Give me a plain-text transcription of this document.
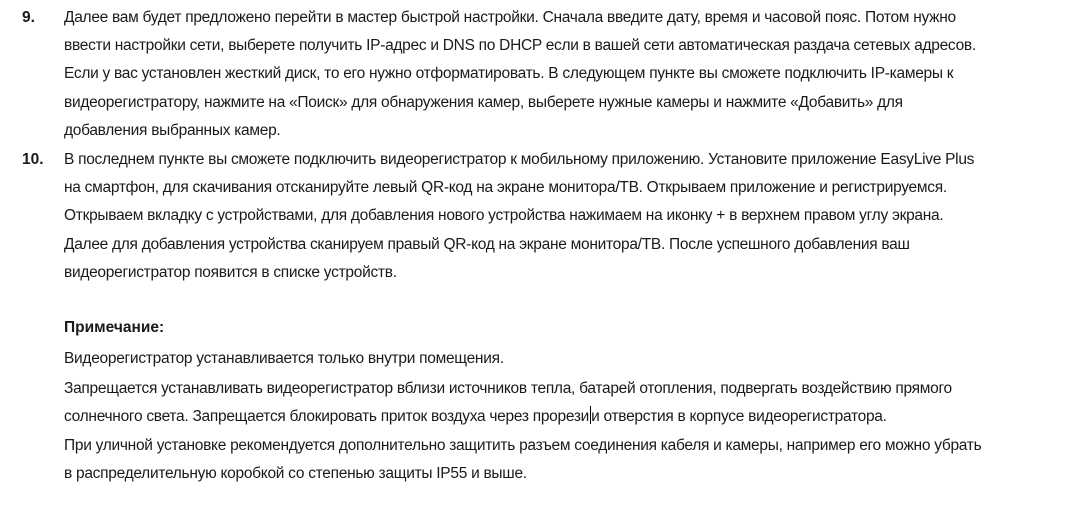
9. Далее вам будет предложено перейти в мастер быстрой настройки. Сначала введите дату, время и часовой пояс. Потом нужно
ввести настройки сети, выберете получить IP-адрес и DNS по DHCP если в вашей сети автоматическая раздача сетевых адресов.
Если у вас установлен жесткий диск, то его нужно отформатировать. В следующем пункте вы сможете подключить IP-камеры к
видеорегистратору, нажмите на «Поиск» для обнаружения камер, выберете нужные камеры и нажмите «Добавить» для
добавления выбранных камер.
10. В последнем пункте вы сможете подключить видеорегистратор к мобильному приложению. Установите приложение EasyLive Plus
на смартфон, для скачивания отсканируйте левый QR-код на экране монитора/ТВ. Открываем приложение и регистрируемся.
Открываем вкладку с устройствами, для добавления нового устройства нажимаем на иконку + в верхнем правом углу экрана.
Далее для добавления устройства сканируем правый QR-код на экране монитора/ТВ. После успешного добавления ваш
видеорегистратор появится в списке устройств.
Примечание:
Видеорегистратор устанавливается только внутри помещения.
Запрещается устанавливать видеорегистратор вблизи источников тепла, батарей отопления, подвергать воздействию прямого
солнечного света. Запрещается блокировать приток воздуха через прорези и отверстия в корпусе видеорегистратора.
При уличной установке рекомендуется дополнительно защитить разъем соединения кабеля и камеры, например его можно убрать
в распределительную коробкой со степенью защиты IP55 и выше.
